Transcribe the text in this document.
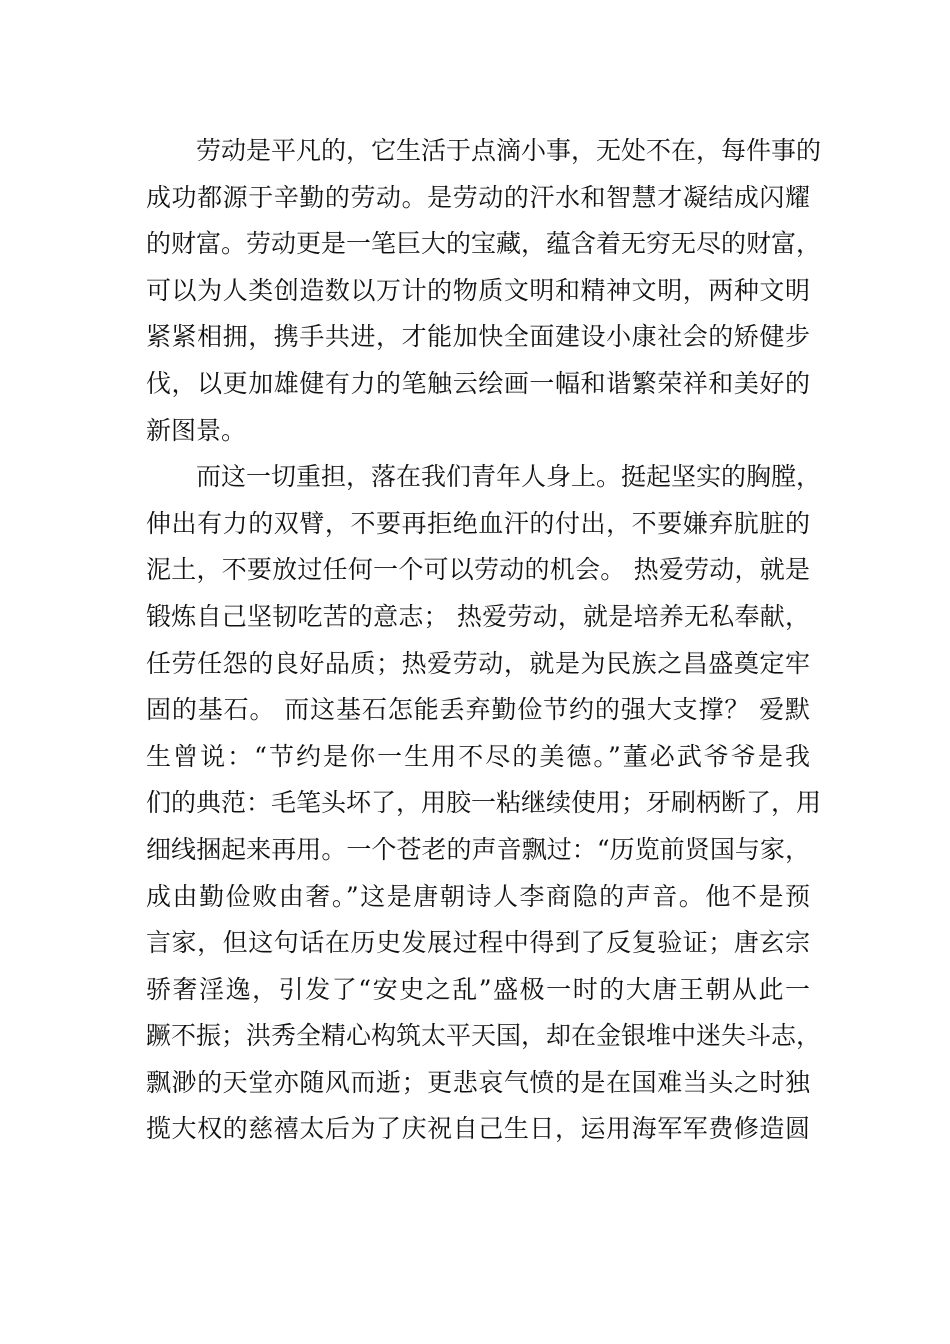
劳动是平凡的，它生活于点滴小事，无处不在，每件事的
成功都源于辛勤的劳动。是劳动的汗水和智慧才凝结成闪耀
的财富。劳动更是一笔巨大的宝藏，蕴含着无穷无尽的财富，
可以为人类创造数以万计的物质文明和精神文明，两种文明
紧紧相拥，携手共进，才能加快全面建设小康社会的矫健步
伐，以更加雄健有力的笔触云绘画一幅和谐繁荣祥和美好的
新图景。
而这一切重担，落在我们青年人身上。挺起坚实的胸膛，
伸出有力的双臂，不要再拒绝血汗的付出，不要嫌弃肮脏的
泥土，不要放过任何一个可以劳动的机会。 热爱劳动，就是
锻炼自己坚韧吃苦的意志； 热爱劳动，就是培养无私奉献，
任劳任怨的良好品质；热爱劳动，就是为民族之昌盛奠定牢
固的基石。 而这基石怎能丢弃勤俭节约的强大支撑？ 爱默
生曾说：“节约是你一生用不尽的美德。”董必武爷爷是我
们的典范：毛笔头坏了，用胶一粘继续使用；牙刷柄断了，用
细线捆起来再用。一个苍老的声音飘过：“历览前贤国与家，
成由勤俭败由奢。”这是唐朝诗人李商隐的声音。他不是预
言家，但这句话在历史发展过程中得到了反复验证；唐玄宗
骄奢淫逸，引发了“安史之乱”盛极一时的大唐王朝从此一
蹶不振；洪秀全精心构筑太平天国，却在金银堆中迷失斗志，
飘渺的天堂亦随风而逝；更悲哀气愤的是在国难当头之时独
揽大权的慈禧太后为了庆祝自己生日，运用海军军费修造圆
